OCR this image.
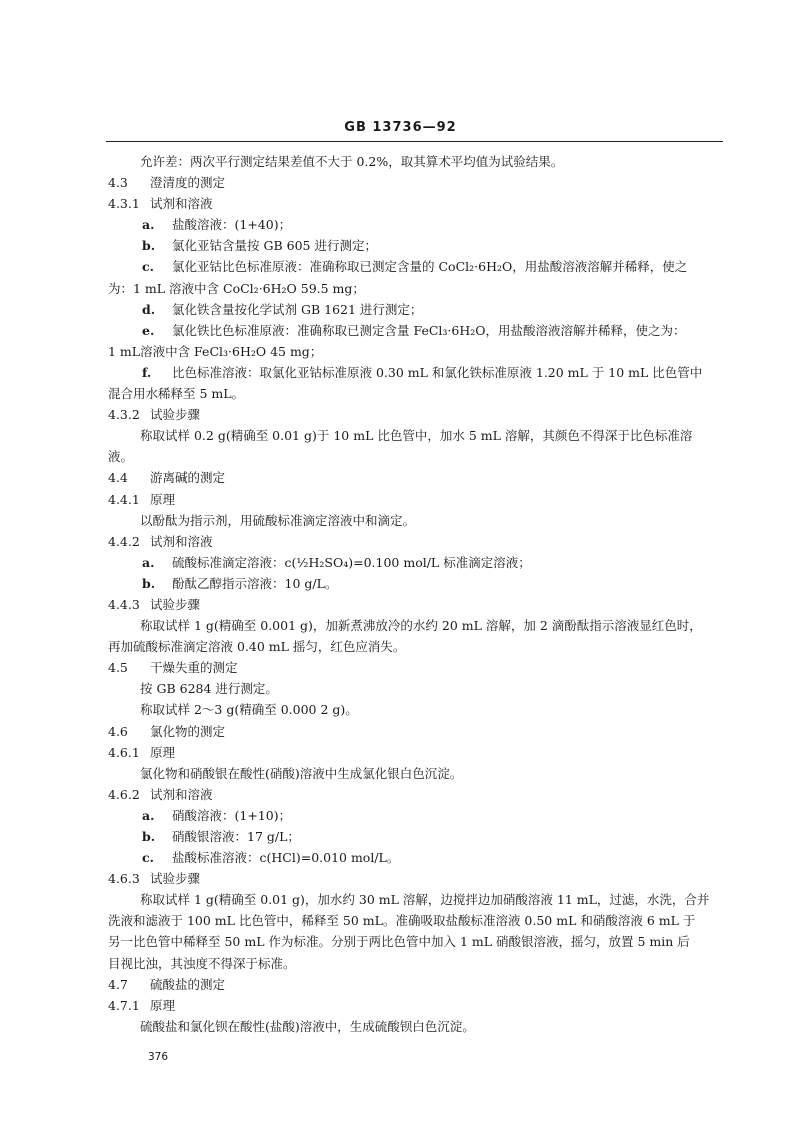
GB 13736—92
允许差：两次平行测定结果差值不大于 0.2%，取其算术平均值为试验结果。
4.3 澄清度的测定
4.3.1 试剂和溶液
a. 盐酸溶液：(1+40)；
b. 氯化亚钴含量按 GB 605 进行测定；
c. 氯化亚钴比色标准原液：准确称取已测定含量的 CoCl₂·6H₂O，用盐酸溶液溶解并稀释，使之
为：1 mL 溶液中含 CoCl₂·6H₂O 59.5 mg；
d. 氯化铁含量按化学试剂 GB 1621 进行测定；
e. 氯化铁比色标准原液：准确称取已测定含量 FeCl₃·6H₂O，用盐酸溶液溶解并稀释，使之为：
1 mL溶液中含 FeCl₃·6H₂O 45 mg；
f. 比色标准溶液：取氯化亚钴标准原液 0.30 mL 和氯化铁标准原液 1.20 mL 于 10 mL 比色管中
混合用水稀释至 5 mL。
4.3.2 试验步骤
称取试样 0.2 g(精确至 0.01 g)于 10 mL 比色管中，加水 5 mL 溶解，其颜色不得深于比色标准溶
液。
4.4 游离碱的测定
4.4.1 原理
以酚酞为指示剂，用硫酸标准滴定溶液中和滴定。
4.4.2 试剂和溶液
a. 硫酸标准滴定溶液：c(½H₂SO₄)=0.100 mol/L 标准滴定溶液；
b. 酚酞乙醇指示溶液：10 g/L。
4.4.3 试验步骤
称取试样 1 g(精确至 0.001 g)，加新煮沸放冷的水约 20 mL 溶解，加 2 滴酚酞指示溶液显红色时，
再加硫酸标准滴定溶液 0.40 mL 摇匀，红色应消失。
4.5 干燥失重的测定
按 GB 6284 进行测定。
称取试样 2～3 g(精确至 0.000 2 g)。
4.6 氯化物的测定
4.6.1 原理
氯化物和硝酸银在酸性(硝酸)溶液中生成氯化银白色沉淀。
4.6.2 试剂和溶液
a. 硝酸溶液：(1+10)；
b. 硝酸银溶液：17 g/L；
c. 盐酸标准溶液：c(HCl)=0.010 mol/L。
4.6.3 试验步骤
称取试样 1 g(精确至 0.01 g)，加水约 30 mL 溶解，边搅拌边加硝酸溶液 11 mL，过滤，水洗，合并
洗液和滤液于 100 mL 比色管中，稀释至 50 mL。准确吸取盐酸标准溶液 0.50 mL 和硝酸溶液 6 mL 于
另一比色管中稀释至 50 mL 作为标准。分别于两比色管中加入 1 mL 硝酸银溶液，摇匀，放置 5 min 后
目视比浊，其浊度不得深于标准。
4.7 硫酸盐的测定
4.7.1 原理
硫酸盐和氯化钡在酸性(盐酸)溶液中，生成硫酸钡白色沉淀。
376
